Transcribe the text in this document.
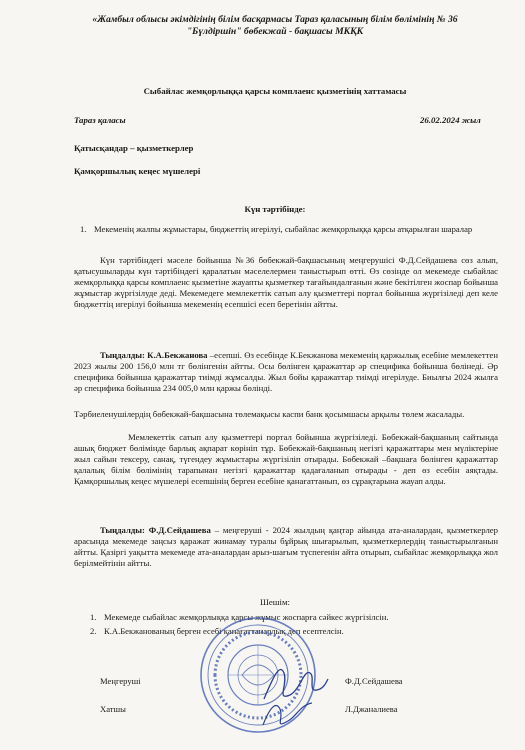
«Жамбыл облысы әкімдігінің білім басқармасы Тараз қаласының білім бөлімінің № 36
"Бүлдіршін" бөбекжай - бақшасы МКҚК
Сыбайлас жемқорлыққа қарсы комплаенс қызметінің хаттамасы
Тараз қаласы	26.02.2024 жыл
Қатысқандар – қызметкерлер
Қамқоршылық кеңес мүшелері
Күн тәртібінде:
1. Мекеменің жалпы жұмыстары, бюджеттің игерілуі, сыбайлас жемқорлыққа қарсы атқарылған шаралар
Күн тәртібіндегі мәселе бойынша №36 бөбекжай-бақшасының меңгерушісі Ф.Д.Сейдашева сөз алып, қатысушыларды күн тәртібіндегі қаралатын мәселелермен таныстырып өтті. Өз сөзінде ол мекемеде сыбайлас жемқорлыққа қарсы комплаенс қызметіне жауапты қызметкер тағайындалғанын және бекітілген жоспар бойынша жұмыстар жүргізілуде деді. Мекемедеге мемлекеттік сатып алу қызметтері портал бойынша жүргізіледі деп келе бюджеттің игерілуі бойынша мекеменің есепшісі есеп беретінін айтты.
Тыңдалды: К.А.Бекжанова –есепші. Өз есебінде К.Бекжанова мекеменің қаржылық есебіне мемлекеттен 2023 жылы 200 156,0 млн тг бөлінгенін айтты. Осы бөлінген қаражаттар әр специфика бойынша бөлінеді. Әр специфика бойынша қаражаттар тиімді жұмсалды. Жыл бойы қаражаттар тиімді игерілуде. Биылғы 2024 жылға әр специфика бойынша 234 005,0 млн қаржы бөлінді.
Тәрбиеленушілердің бөбекжай-бақшасына төлемақысы каспи банк қосымшасы арқылы төлем жасалады.
Мемлекеттік сатып алу қызметтері портал бойынша жүргізіледі. Бөбекжай-бақшаның сайтында ашық бюджет бөлімінде барлық ақпарат көрініп тұр. Бөбекжай-бақшаның негізгі қаражаттары мен мүліктеріне жыл сайын тексеру, санақ, түгендеу жұмыстары жүргізіліп отырады. Бөбекжай –бақшаға бөлінген қаражаттар қалалық білім бөлімінің тарапынан негізгі қаражаттар қадағаланып отырады - деп өз есебін аяқтады. Қамқоршылық кеңес мүшелері есепшінің берген есебіне қанағаттанып, өз сұрақтарына жауап алды.
Тыңдалды: Ф.Д.Сейдашева – меңгеруші - 2024 жылдың қаңтар айында ата-аналардан, қызметкерлер арасында мекемеде заңсыз қаражат жинамау туралы бұйрық шығарылып, қызметкерлердің таныстырылғанын айтты. Қазіргі уақытта мекемеде ата-аналардан арыз-шағым түспегенін айта отырып, сыбайлас жемқорлыққа жол берілмейтінін айтты.
Шешім:
1. Мекемеде сыбайлас жемқорлыққа қарсы жұмыс жоспарға сәйкес жүргізілсін.
2. К.А.Бекжанованың берген есебі қанағаттанарлық деп есептелсін.
Меңгеруші	Ф.Д.Сейдашева
Хатшы	Л.Джаналиева
